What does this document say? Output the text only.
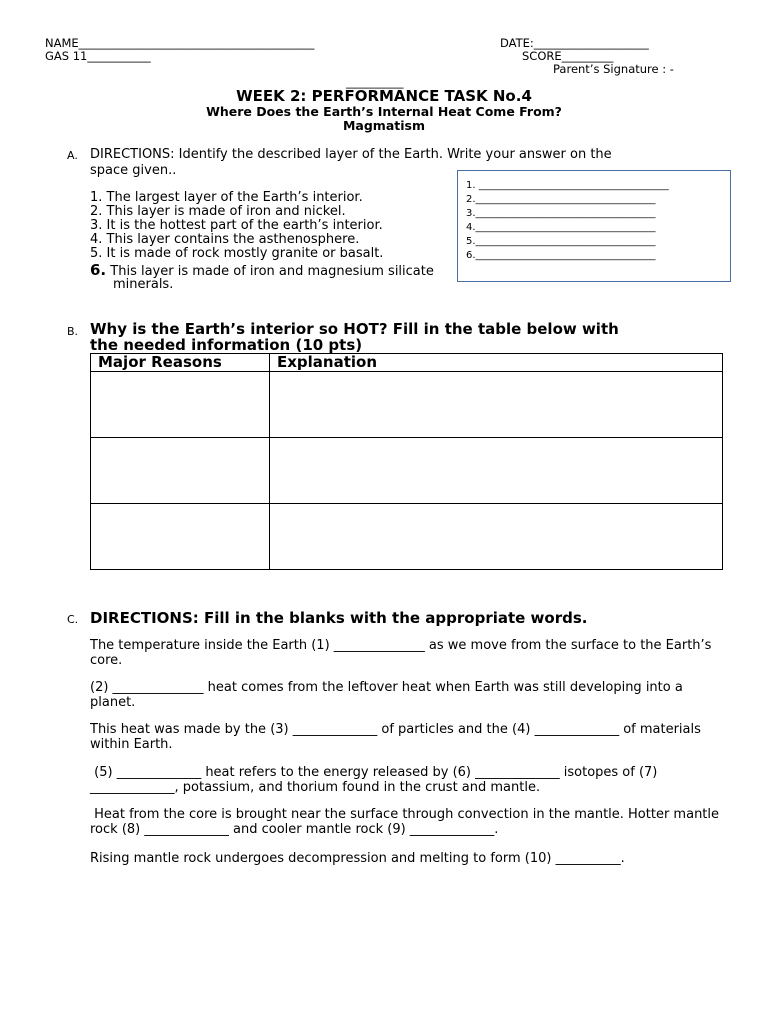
NAME_________________________________________	DATE:____________________
GAS 11___________	SCORE_________
Parent’s Signature : -
__________
WEEK 2: PERFORMANCE TASK No.4
Where Does the Earth’s Internal Heat Come From?
Magmatism
A. DIRECTIONS: Identify the described layer of the Earth. Write your answer on the
space given..
1. The largest layer of the Earth’s interior.
2. This layer is made of iron and nickel.
3. It is the hottest part of the earth’s interior.
4. This layer contains the asthenosphere.
5. It is made of rock mostly granite or basalt.
6. This layer is made of iron and magnesium silicate
minerals.
1. ______________________________________
2.____________________________________
3.____________________________________
4.____________________________________
5.____________________________________
6.____________________________________
B. Why is the Earth’s interior so HOT? Fill in the table below with
the needed information (10 pts)
Major Reasons	Explanation

C. DIRECTIONS: Fill in the blanks with the appropriate words.
The temperature inside the Earth (1) ______________ as we move from the surface to the Earth’s core.
(2) ______________ heat comes from the leftover heat when Earth was still developing into a planet.
This heat was made by the (3) _____________ of particles and the (4) _____________ of materials within Earth.
(5) _____________ heat refers to the energy released by (6) _____________ isotopes of (7) _____________, potassium, and thorium found in the crust and mantle.
Heat from the core is brought near the surface through convection in the mantle. Hotter mantle rock (8) _____________ and cooler mantle rock (9) _____________.
Rising mantle rock undergoes decompression and melting to form (10) __________.
